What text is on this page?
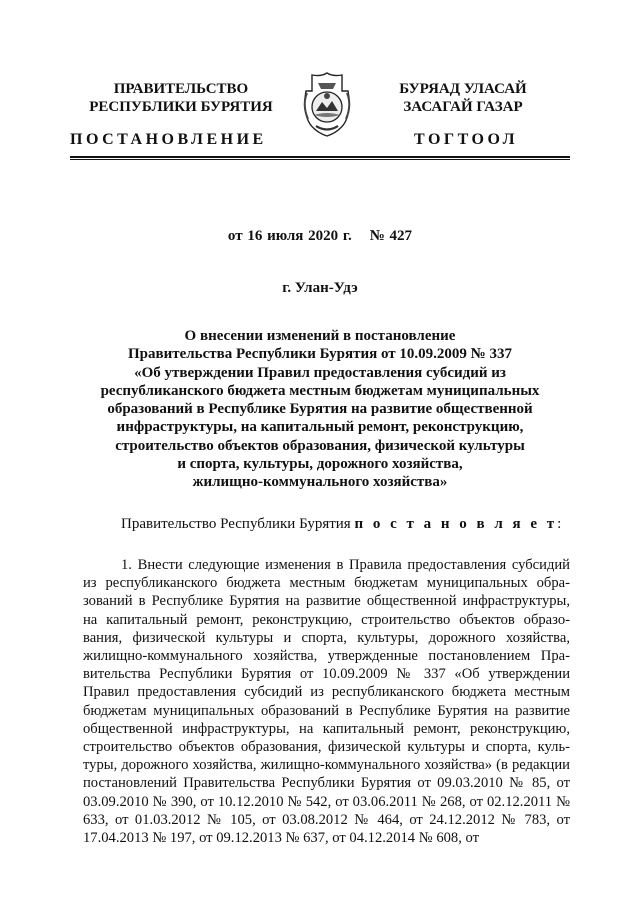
ПРАВИТЕЛЬСТВО
РЕСПУБЛИКИ БУРЯТИЯ
БУРЯАД УЛАСАЙ
ЗАСАГАЙ ГАЗАР
ПОСТАНОВЛЕНИЕ	ТОГТООЛ
от 16 июля 2020 г. № 427
г. Улан-Удэ
О внесении изменений в постановление
Правительства Республики Бурятия от 10.09.2009 № 337
«Об утверждении Правил предоставления субсидий из
республиканского бюджета местным бюджетам муниципальных
образований в Республике Бурятия на развитие общественной
инфраструктуры, на капитальный ремонт, реконструкцию,
строительство объектов образования, физической культуры
и спорта, культуры, дорожного хозяйства,
жилищно-коммунального хозяйства»
Правительство Республики Бурятия п о с т а н о в л я е т:
1. Внести следующие изменения в Правила предоставления субсидий из республиканского бюджета местным бюджетам муниципальных образований в Республике Бурятия на развитие общественной инфраструктуры, на капитальный ремонт, реконструкцию, строительство объектов образования, физической культуры и спорта, культуры, дорожного хозяйства, жилищно-коммунального хозяйства, утвержденные постановлением Правительства Республики Бурятия от 10.09.2009 № 337 «Об утверждении Правил предоставления субсидий из республиканского бюджета местным бюджетам муниципальных образований в Республике Бурятия на развитие общественной инфраструктуры, на капитальный ремонт, реконструкцию, строительство объектов образования, физической культуры и спорта, культуры, дорожного хозяйства, жилищно-коммунального хозяйства» (в редакции постановлений Правительства Республики Бурятия от 09.03.2010 № 85, от 03.09.2010 № 390, от 10.12.2010 № 542, от 03.06.2011 № 268, от 02.12.2011 № 633, от 01.03.2012 № 105, от 03.08.2012 № 464, от 24.12.2012 № 783, от 17.04.2013 № 197, от 09.12.2013 № 637, от 04.12.2014 № 608, от
